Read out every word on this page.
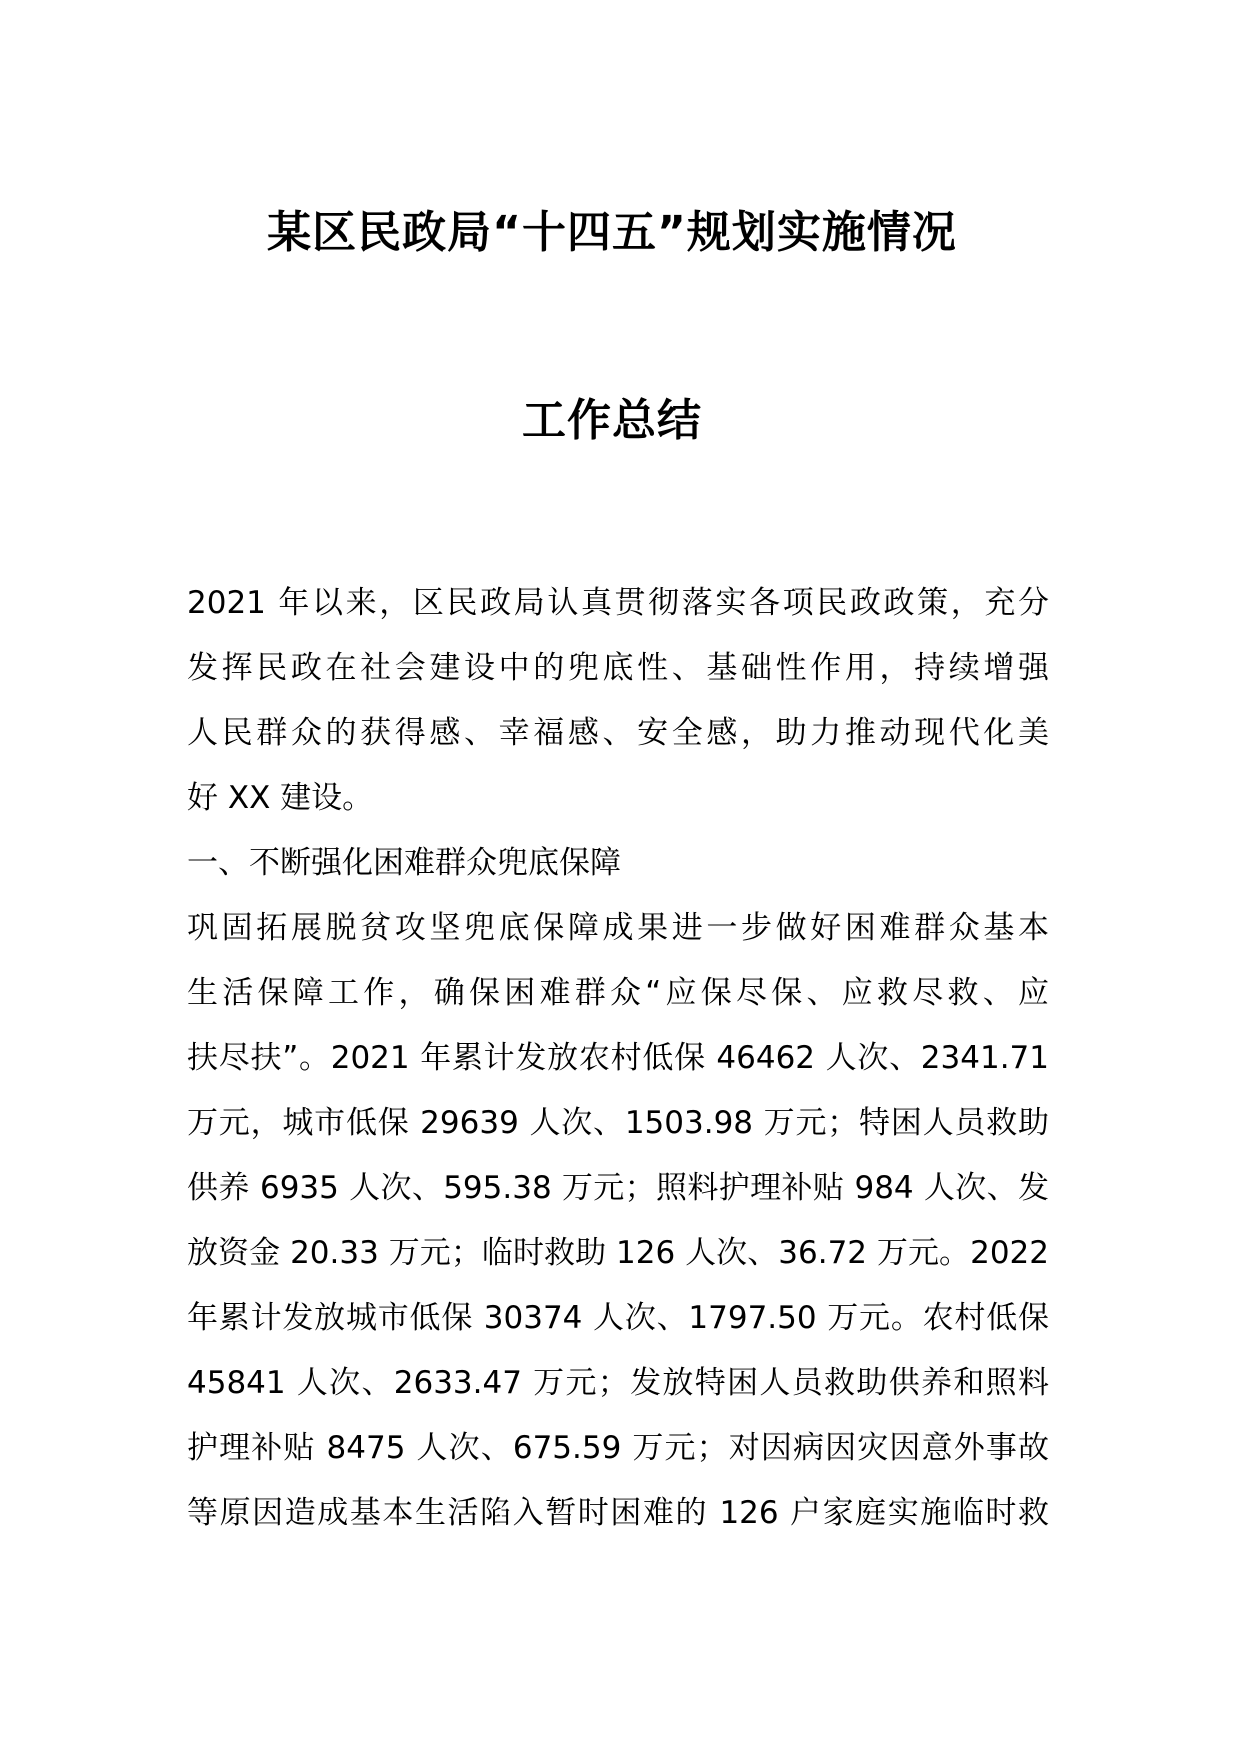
某区民政局“十四五”规划实施情况
工作总结
2021 年以来，区民政局认真贯彻落实各项民政政策，充分
发挥民政在社会建设中的兜底性、基础性作用，持续增强
人民群众的获得感、幸福感、安全感，助力推动现代化美
好 XX 建设。
一、不断强化困难群众兜底保障
巩固拓展脱贫攻坚兜底保障成果进一步做好困难群众基本
生活保障工作，确保困难群众“应保尽保、应救尽救、应
扶尽扶”。2021 年累计发放农村低保 46462 人次、2341.71
万元，城市低保 29639 人次、1503.98 万元；特困人员救助
供养 6935 人次、595.38 万元；照料护理补贴 984 人次、发
放资金 20.33 万元；临时救助 126 人次、36.72 万元。2022
年累计发放城市低保 30374 人次、1797.50 万元。农村低保
45841 人次、2633.47 万元；发放特困人员救助供养和照料
护理补贴 8475 人次、675.59 万元；对因病因灾因意外事故
等原因造成基本生活陷入暂时困难的 126 户家庭实施临时救
